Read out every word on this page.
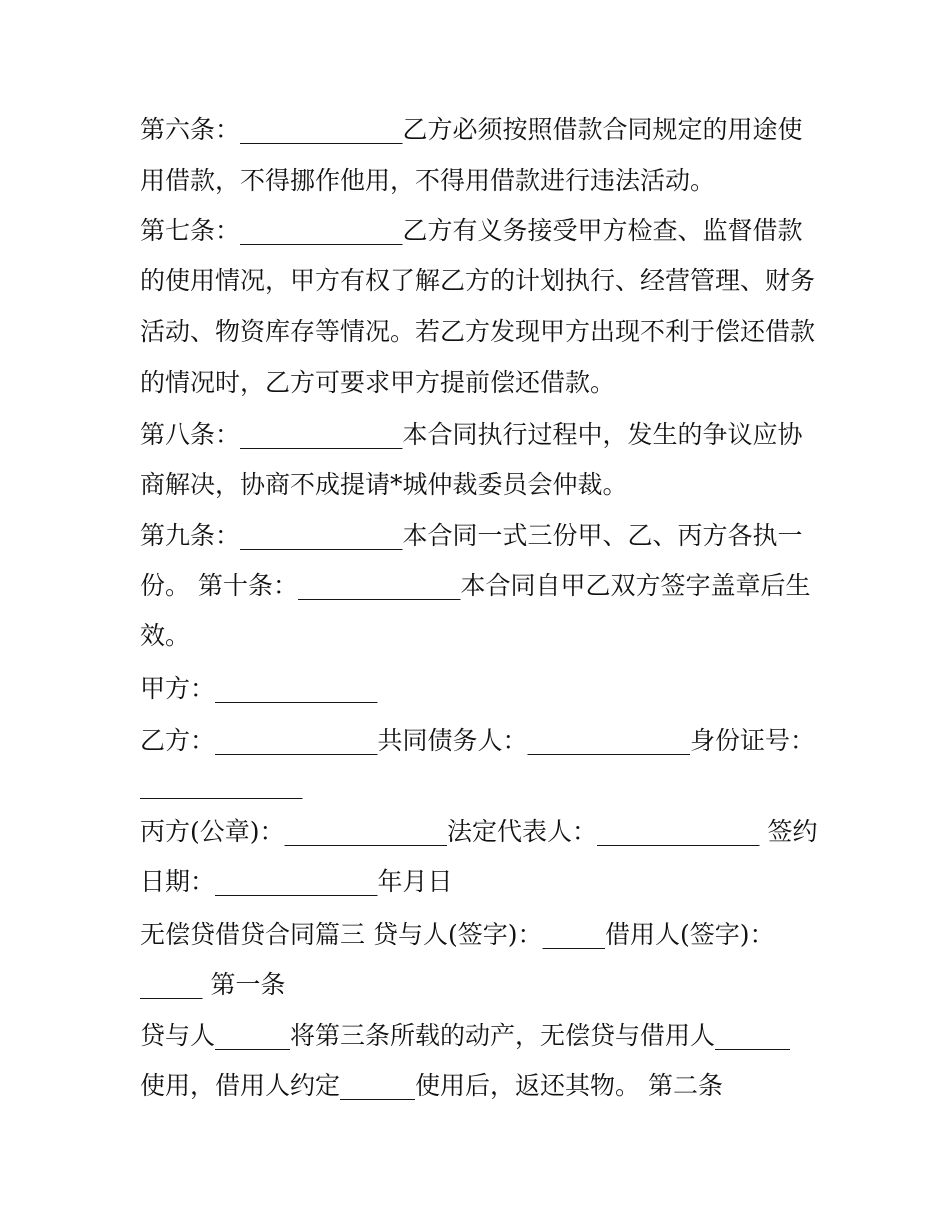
第六条：_____________乙方必须按照借款合同规定的用途使
用借款，不得挪作他用，不得用借款进行违法活动。
第七条：_____________乙方有义务接受甲方检查、监督借款
的使用情况，甲方有权了解乙方的计划执行、经营管理、财务
活动、物资库存等情况。若乙方发现甲方出现不利于偿还借款
的情况时，乙方可要求甲方提前偿还借款。
第八条：_____________本合同执行过程中，发生的争议应协
商解决，协商不成提请*城仲裁委员会仲裁。
第九条：_____________本合同一式三份甲、乙、丙方各执一
份。 第十条：_____________本合同自甲乙双方签字盖章后生
效。
甲方：_____________
乙方：_____________共同债务人：_____________身份证号：
_____________
丙方(公章)：_____________法定代表人：_____________ 签约
日期：_____________年月日
无偿贷借贷合同篇三 贷与人(签字)：_____借用人(签字)：
_____ 第一条
贷与人______将第三条所载的动产，无偿贷与借用人______
使用，借用人约定______使用后，返还其物。 第二条
